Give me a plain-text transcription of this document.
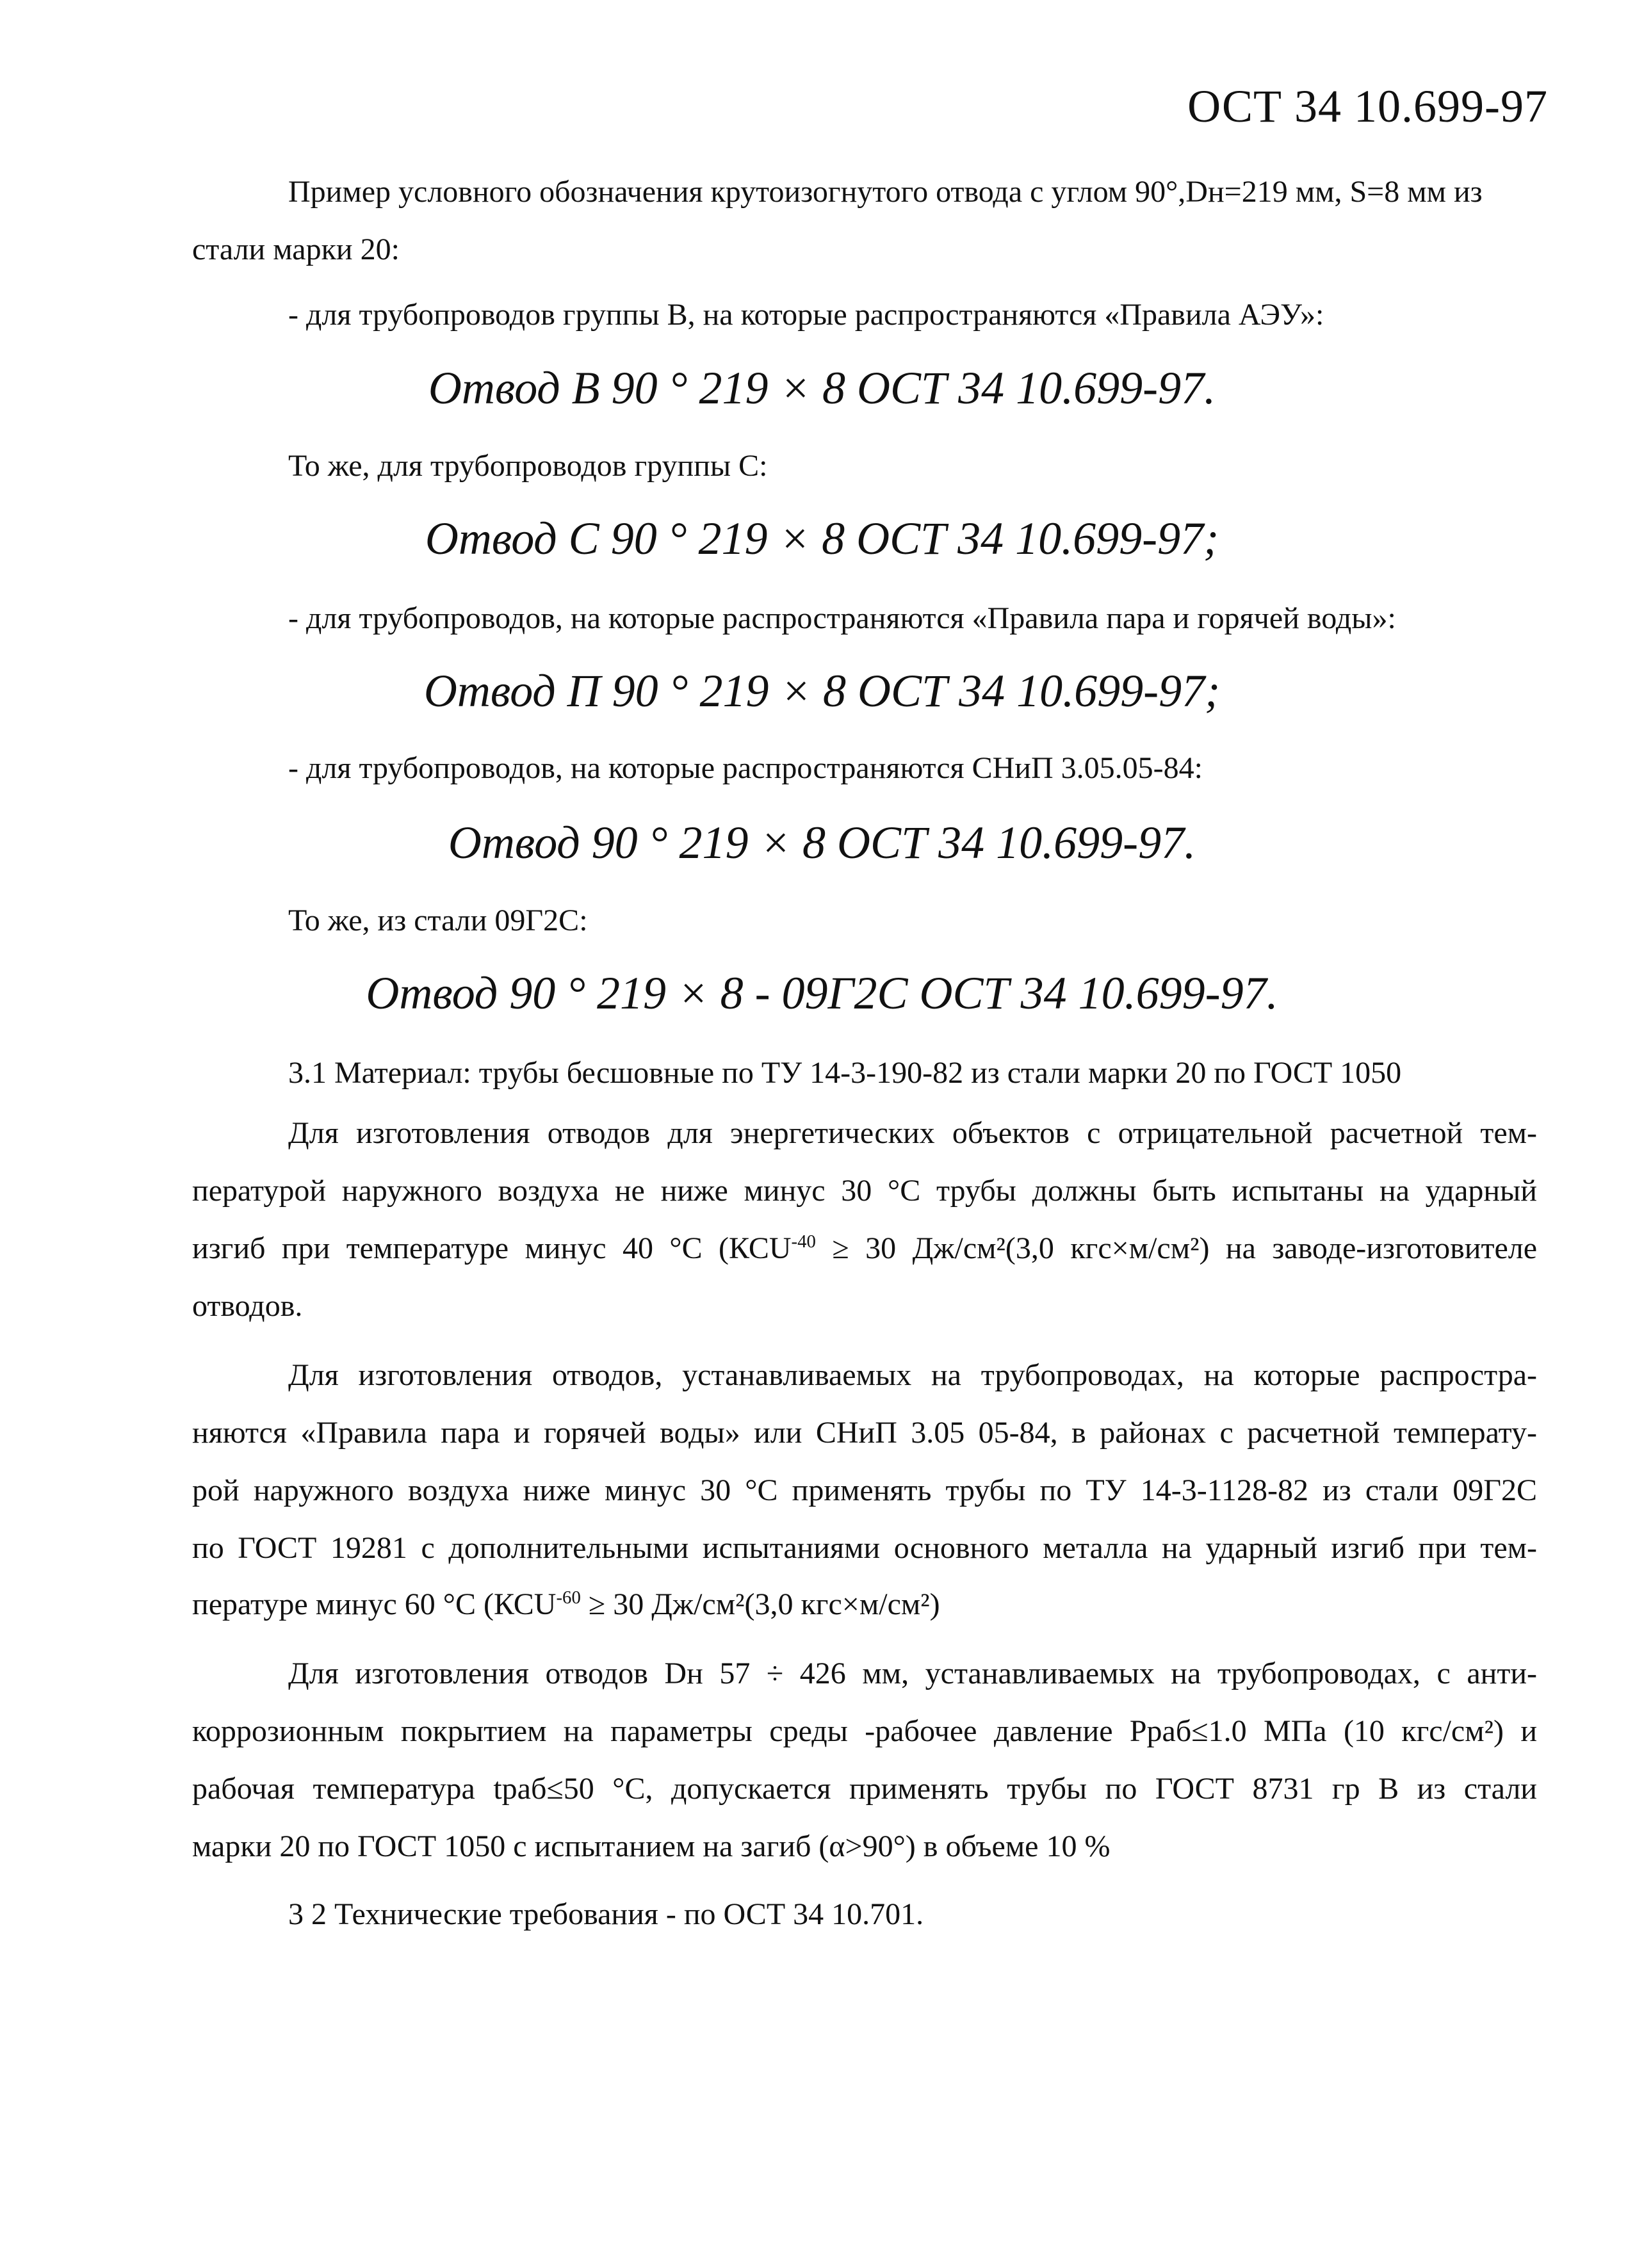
ОСТ 34 10.699-97
Пример условного обозначения крутоизогнутого отвода с углом 90°,Dн=219 мм, S=8 мм из
стали марки 20:
- для трубопроводов группы В, на которые распространяются «Правила АЭУ»:
Отвод В 90 ° 219 × 8 ОСТ 34 10.699-97.
То же, для трубопроводов группы С:
Отвод С 90 ° 219 × 8 ОСТ 34 10.699-97;
- для трубопроводов, на которые распространяются «Правила пара и горячей воды»:
Отвод П 90 ° 219 × 8 ОСТ 34 10.699-97;
- для трубопроводов, на которые распространяются СНиП 3.05.05-84:
Отвод 90 ° 219 × 8 ОСТ 34 10.699-97.
То же, из стали 09Г2С:
Отвод 90 ° 219 × 8 - 09Г2С ОСТ 34 10.699-97.
3.1 Материал: трубы бесшовные по ТУ 14-3-190-82 из стали марки 20 по ГОСТ 1050
Для изготовления отводов для энергетических объектов с отрицательной расчетной тем-
пературой наружного воздуха не ниже минус 30 °С трубы должны быть испытаны на ударный
изгиб при температуре минус 40 °С ($КСU^{-40} \ge 30$ Дж/см²(3,0 кгс×м/см²) на заводе-изготовителе
отводов.
Для изготовления отводов, устанавливаемых на трубопроводах, на которые распростра-
няются «Правила пара и горячей воды» или СНиП 3.05 05-84, в районах с расчетной температу-
рой наружного воздуха ниже минус 30 °С применять трубы по ТУ 14-3-1128-82 из стали 09Г2С
по ГОСТ 19281 с дополнительными испытаниями основного металла на ударный изгиб при тем-
пературе минус 60 °С ($КСU^{-60} \ge 30$ Дж/см²(3,0 кгс×м/см²)
Для изготовления отводов Dн 57 ÷ 426 мм, устанавливаемых на трубопроводах, с анти-
коррозионным покрытием на параметры среды -рабочее давление Рраб≤1.0 МПа (10 кгс/см²) и
рабочая температура tраб≤50 °С, допускается применять трубы по ГОСТ 8731 гр В из стали
марки 20 по ГОСТ 1050 с испытанием на загиб (α>90°) в объеме 10 %
3 2 Технические требования - по ОСТ 34 10.701.
